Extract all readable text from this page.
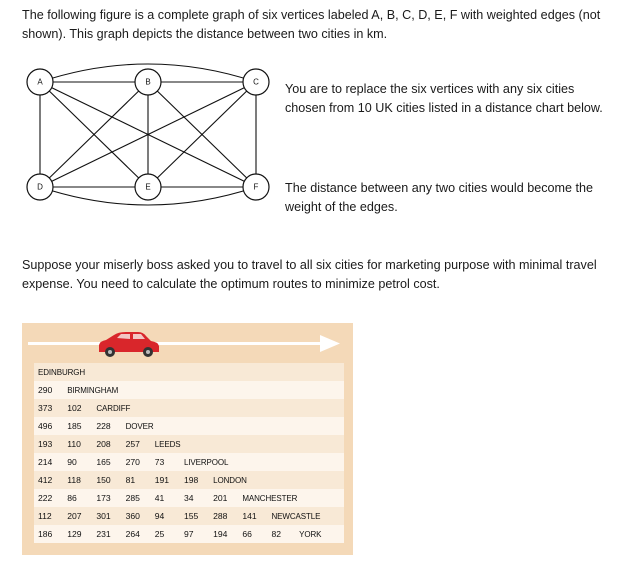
The following figure is a complete graph of six vertices labeled A, B, C, D, E, F with weighted edges (not shown). This graph depicts the distance between two cities in km.

A	B	C
D	E	F

You are to replace the six vertices with any six cities chosen from 10 UK cities listed in a distance chart below.

The distance between any two cities would become the weight of the edges.

Suppose your miserly boss asked you to travel to all six cities for marketing purpose with minimal travel expense. You need to calculate the optimum routes to minimize petrol cost.

EDINBURGH									
290	BIRMINGHAM								
373	102	CARDIFF							
496	185	228	DOVER						
193	110	208	257	LEEDS					
214	90	165	270	73	LIVERPOOL				
412	118	150	81	191	198	LONDON			
222	86	173	285	41	34	201	MANCHESTER		
112	207	301	360	94	155	288	141	NEWCASTLE	
186	129	231	264	25	97	194	66	82	YORK
